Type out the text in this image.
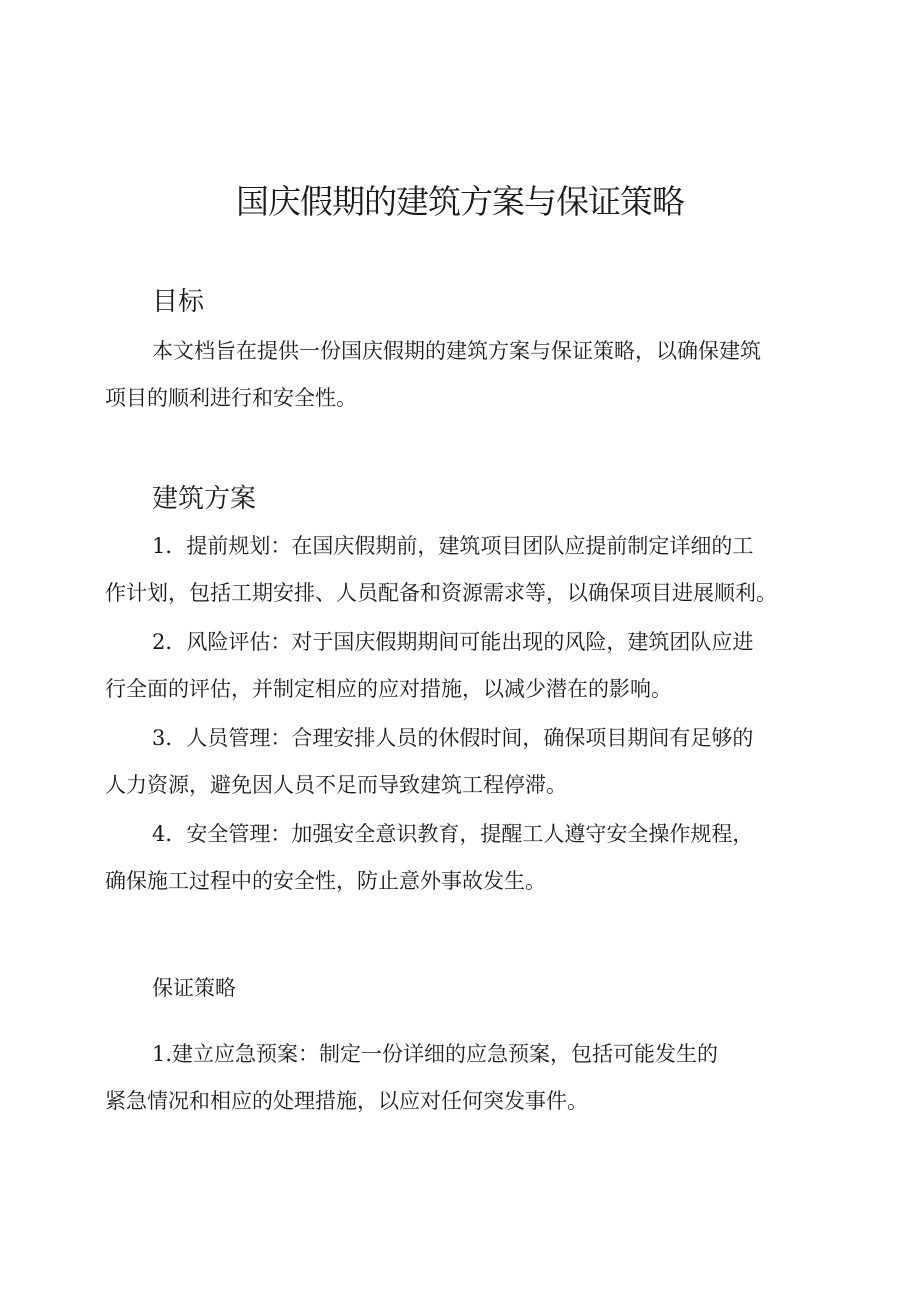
国庆假期的建筑方案与保证策略
目标
本文档旨在提供一份国庆假期的建筑方案与保证策略，以确保建筑
项目的顺利进行和安全性。
建筑方案
1．提前规划：在国庆假期前，建筑项目团队应提前制定详细的工
作计划，包括工期安排、人员配备和资源需求等，以确保项目进展顺利。
2．风险评估：对于国庆假期期间可能出现的风险，建筑团队应进
行全面的评估，并制定相应的应对措施，以减少潜在的影响。
3．人员管理：合理安排人员的休假时间，确保项目期间有足够的
人力资源，避免因人员不足而导致建筑工程停滞。
4．安全管理：加强安全意识教育，提醒工人遵守安全操作规程，
确保施工过程中的安全性，防止意外事故发生。
保证策略
1.建立应急预案：制定一份详细的应急预案，包括可能发生的
紧急情况和相应的处理措施，以应对任何突发事件。
